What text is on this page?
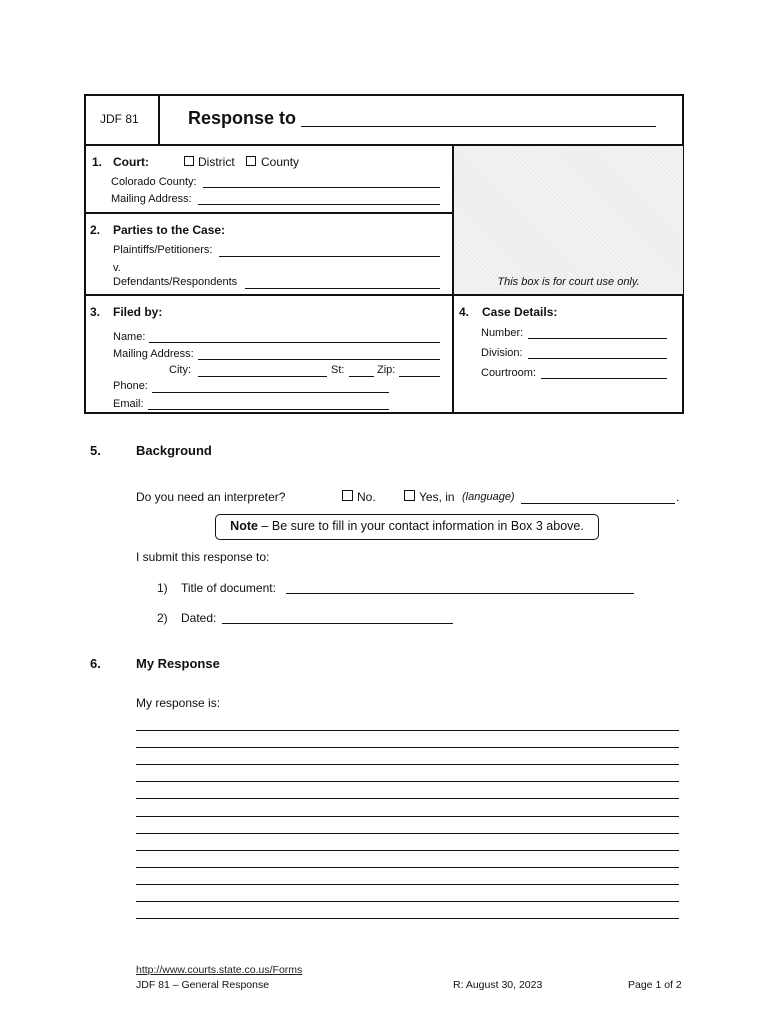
JDF 81	Response to
1. Court:	District County
Colorado County:
Mailing Address:
2. Parties to the Case:
Plaintiffs/Petitioners:
v.
Defendants/Respondents	This box is for court use only.
3. Filed by:
Name:
Mailing Address:
City:	St:	Zip:
Phone:
Email:
4. Case Details:
Number:
Division:
Courtroom:
5.	Background
Do you need an interpreter?	No.	Yes, in (language)	.
Note – Be sure to fill in your contact information in Box 3 above.
I submit this response to:
1) Title of document:
2) Dated:
6.	My Response
My response is:
http://www.courts.state.co.us/Forms
JDF 81 – General Response	R: August 30, 2023	Page 1 of 2
